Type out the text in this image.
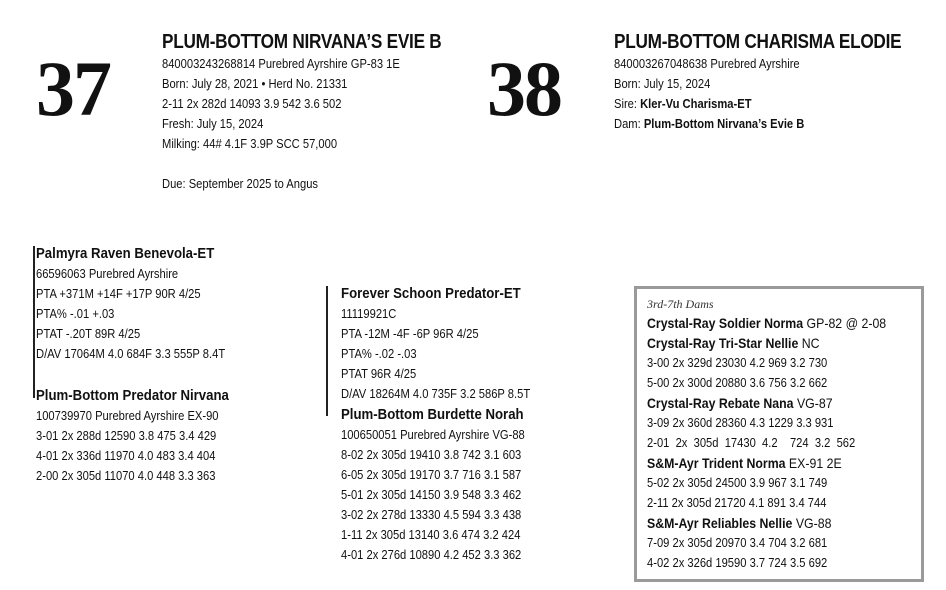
37
PLUM-BOTTOM NIRVANA’S EVIE B
840003243268814 Purebred Ayrshire GP-83 1E
Born: July 28, 2021 • Herd No. 21331
2-11 2x 282d 14093 3.9 542 3.6 502
Fresh: July 15, 2024
Milking: 44# 4.1F 3.9P SCC 57,000
Due: September 2025 to Angus
38
PLUM-BOTTOM CHARISMA ELODIE
840003267048638 Purebred Ayrshire
Born: July 15, 2024
Sire: Kler-Vu Charisma-ET
Dam: Plum-Bottom Nirvana’s Evie B
Palmyra Raven Benevola-ET
66596063 Purebred Ayrshire
PTA +371M +14F +17P 90R 4/25
PTA% -.01 +.03
PTAT -.20T 89R 4/25
D/AV 17064M 4.0 684F 3.3 555P 8.4T
Plum-Bottom Predator Nirvana
100739970 Purebred Ayrshire EX-90
3-01 2x 288d 12590 3.8 475 3.4 429
4-01 2x 336d 11970 4.0 483 3.4 404
2-00 2x 305d 11070 4.0 448 3.3 363
Forever Schoon Predator-ET
11119921C
PTA -12M -4F -6P 96R 4/25
PTA% -.02 -.03
PTAT 96R 4/25
D/AV 18264M 4.0 735F 3.2 586P 8.5T
Plum-Bottom Burdette Norah
100650051 Purebred Ayrshire VG-88
8-02 2x 305d 19410 3.8 742 3.1 603
6-05 2x 305d 19170 3.7 716 3.1 587
5-01 2x 305d 14150 3.9 548 3.3 462
3-02 2x 278d 13330 4.5 594 3.3 438
1-11 2x 305d 13140 3.6 474 3.2 424
4-01 2x 276d 10890 4.2 452 3.3 362
3rd-7th Dams
Crystal-Ray Soldier Norma GP-82 @ 2-08
Crystal-Ray Tri-Star Nellie NC
3-00 2x 329d 23030 4.2 969 3.2 730
5-00 2x 300d 20880 3.6 756 3.2 662
Crystal-Ray Rebate Nana VG-87
3-09 2x 360d 28360 4.3 1229 3.3 931
2-01  2x  305d  17430  4.2    724  3.2  562
S&M-Ayr Trident Norma EX-91 2E
5-02 2x 305d 24500 3.9 967 3.1 749
2-11 2x 305d 21720 4.1 891 3.4 744
S&M-Ayr Reliables Nellie VG-88
7-09 2x 305d 20970 3.4 704 3.2 681
4-02 2x 326d 19590 3.7 724 3.5 692
